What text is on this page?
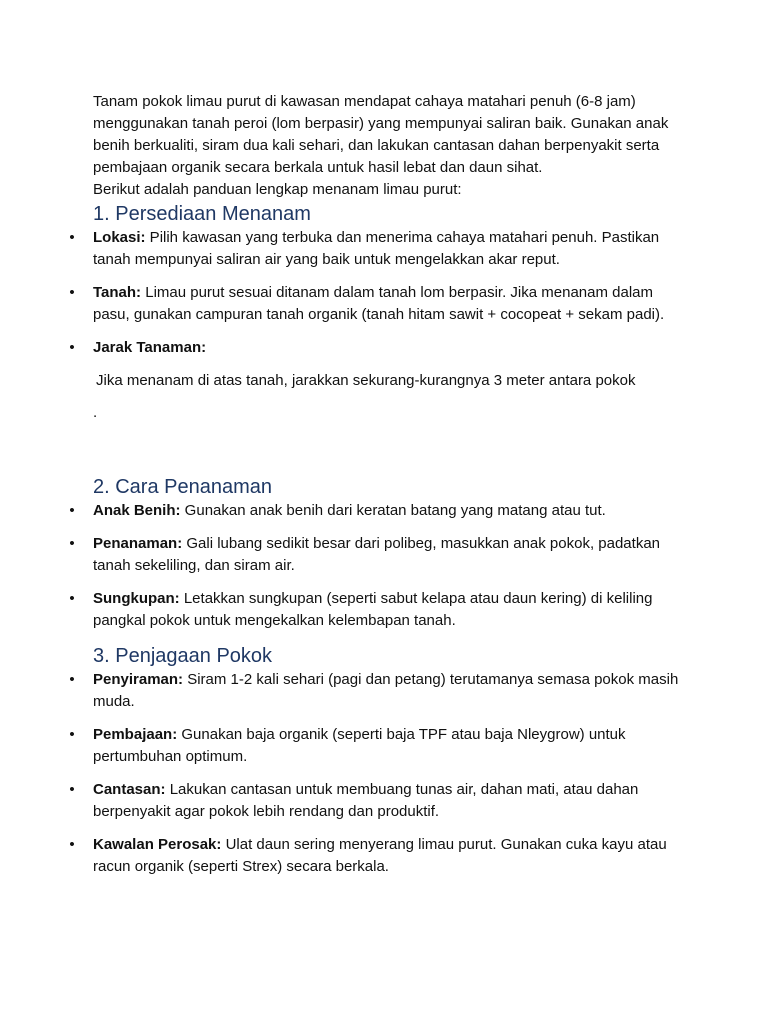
Tanam pokok limau purut di kawasan mendapat cahaya matahari penuh (6-8 jam) menggunakan tanah peroi (lom berpasir) yang mempunyai saliran baik. Gunakan anak benih berkualiti, siram dua kali sehari, dan lakukan cantasan dahan berpenyakit serta pembajaan organik secara berkala untuk hasil lebat dan daun sihat.

Berikut adalah panduan lengkap menanam limau purut:

1. Persediaan Menanam
• Lokasi: Pilih kawasan yang terbuka dan menerima cahaya matahari penuh. Pastikan tanah mempunyai saliran air yang baik untuk mengelakkan akar reput.
• Tanah: Limau purut sesuai ditanam dalam tanah lom berpasir. Jika menanam dalam pasu, gunakan campuran tanah organik (tanah hitam sawit + cocopeat + sekam padi).
• Jarak Tanaman:

Jika menanam di atas tanah, jarakkan sekurang-kurangnya 3 meter antara pokok

.

2. Cara Penanaman
• Anak Benih: Gunakan anak benih dari keratan batang yang matang atau tut.
• Penanaman: Gali lubang sedikit besar dari polibeg, masukkan anak pokok, padatkan tanah sekeliling, dan siram air.
• Sungkupan: Letakkan sungkupan (seperti sabut kelapa atau daun kering) di keliling pangkal pokok untuk mengekalkan kelembapan tanah.
3. Penjagaan Pokok
• Penyiraman: Siram 1-2 kali sehari (pagi dan petang) terutamanya semasa pokok masih muda.
• Pembajaan: Gunakan baja organik (seperti baja TPF atau baja Nleygrow) untuk pertumbuhan optimum.
• Cantasan: Lakukan cantasan untuk membuang tunas air, dahan mati, atau dahan berpenyakit agar pokok lebih rendang dan produktif.
• Kawalan Perosak: Ulat daun sering menyerang limau purut. Gunakan cuka kayu atau racun organik (seperti Strex) secara berkala.
